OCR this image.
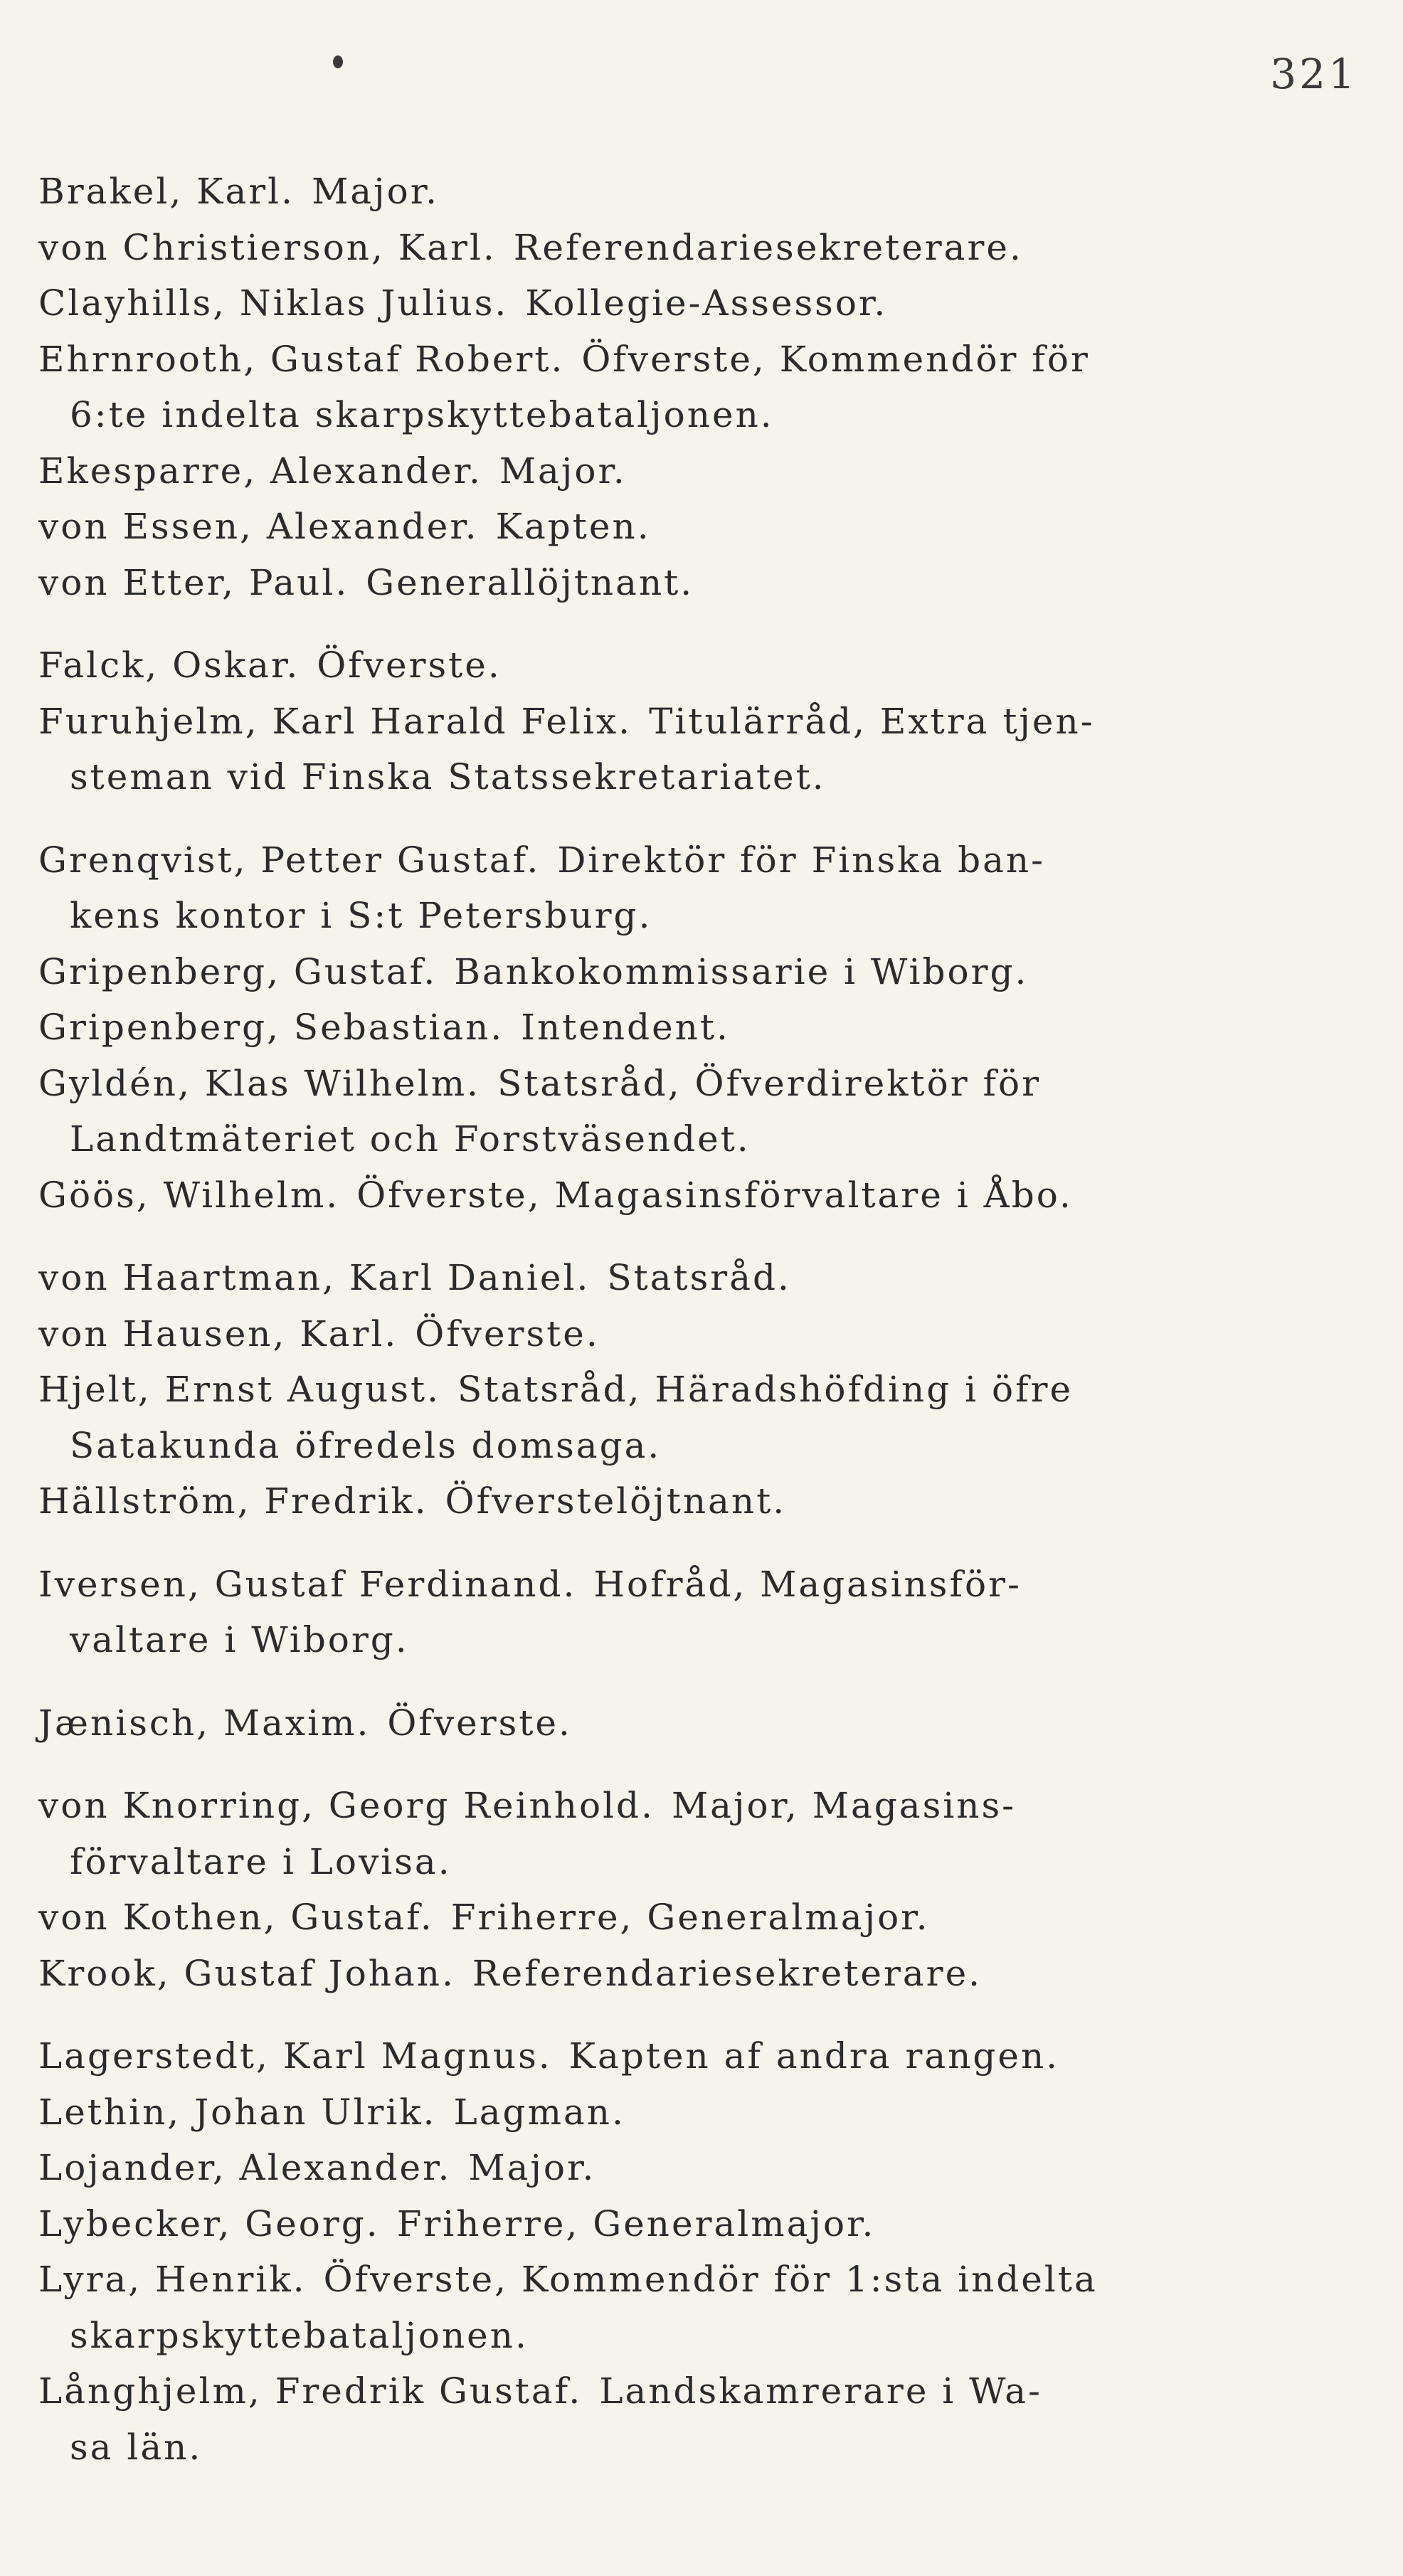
321
Brakel, Karl. Major.
von Christierson, Karl. Referendariesekreterare.
Clayhills, Niklas Julius. Kollegie-Assessor.
Ehrnrooth, Gustaf Robert. Öfverste, Kommendör för
6:te indelta skarpskyttebataljonen.
Ekesparre, Alexander. Major.
von Essen, Alexander. Kapten.
von Etter, Paul. Generallöjtnant.
Falck, Oskar. Öfverste.
Furuhjelm, Karl Harald Felix. Titulärråd, Extra tjen-
steman vid Finska Statssekretariatet.
Grenqvist, Petter Gustaf. Direktör för Finska ban-
kens kontor i S:t Petersburg.
Gripenberg, Gustaf. Bankokommissarie i Wiborg.
Gripenberg, Sebastian. Intendent.
Gyldén, Klas Wilhelm. Statsråd, Öfverdirektör för
Landtmäteriet och Forstväsendet.
Göös, Wilhelm. Öfverste, Magasinsförvaltare i Åbo.
von Haartman, Karl Daniel. Statsråd.
von Hausen, Karl. Öfverste.
Hjelt, Ernst August. Statsråd, Häradshöfding i öfre
Satakunda öfredels domsaga.
Hällström, Fredrik. Öfverstelöjtnant.
Iversen, Gustaf Ferdinand. Hofråd, Magasinsför-
valtare i Wiborg.
Jænisch, Maxim. Öfverste.
von Knorring, Georg Reinhold. Major, Magasins-
förvaltare i Lovisa.
von Kothen, Gustaf. Friherre, Generalmajor.
Krook, Gustaf Johan. Referendariesekreterare.
Lagerstedt, Karl Magnus. Kapten af andra rangen.
Lethin, Johan Ulrik. Lagman.
Lojander, Alexander. Major.
Lybecker, Georg. Friherre, Generalmajor.
Lyra, Henrik. Öfverste, Kommendör för 1:sta indelta
skarpskyttebataljonen.
Långhjelm, Fredrik Gustaf. Landskamrerare i Wa-
sa län.
